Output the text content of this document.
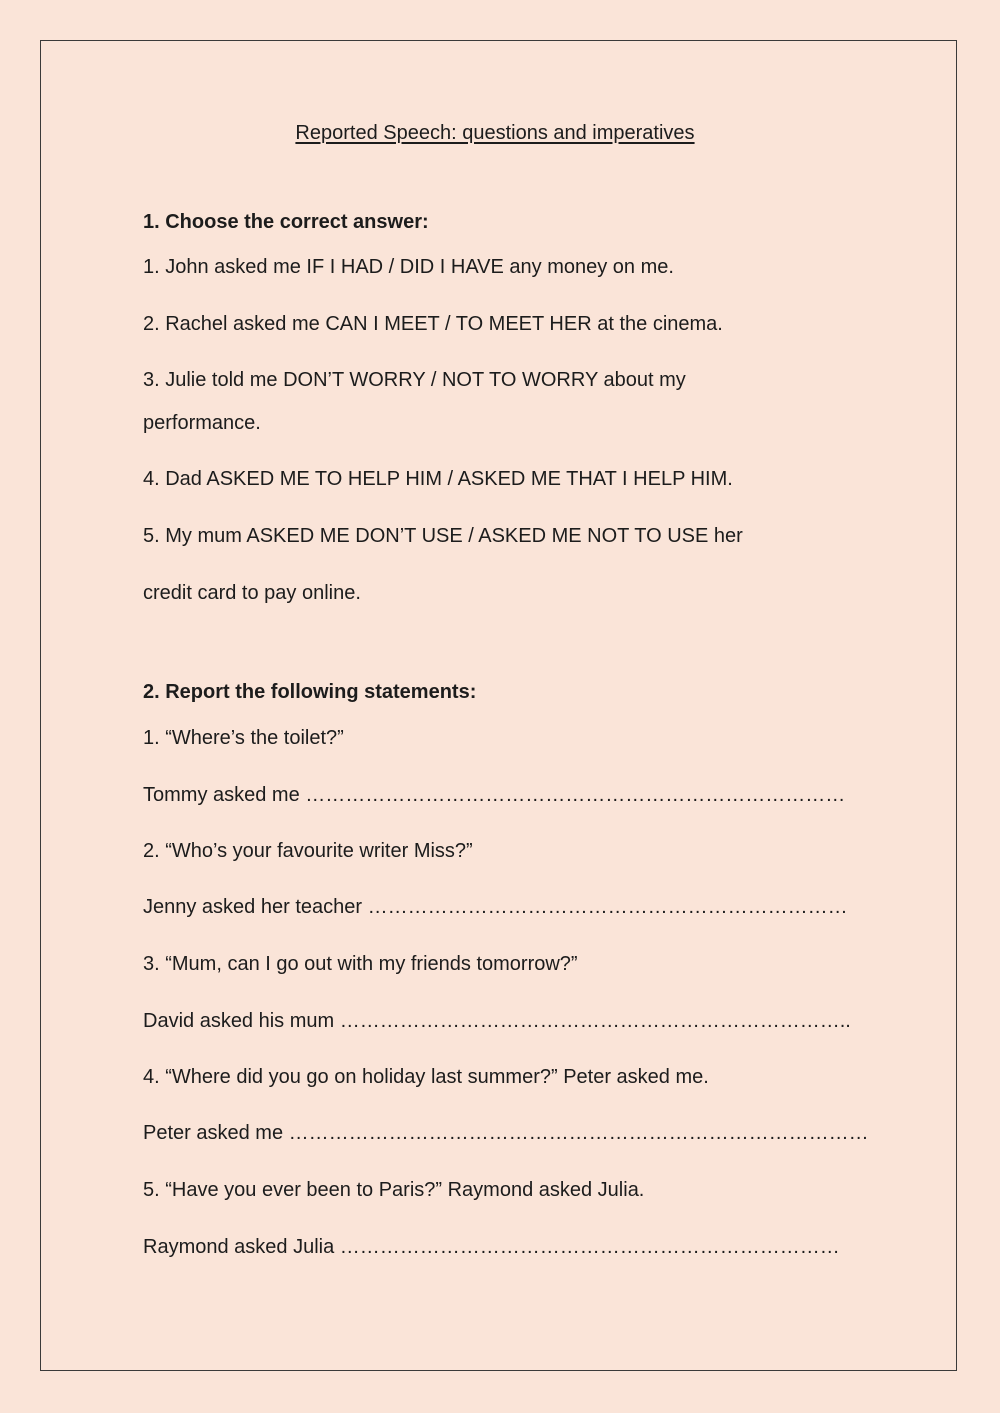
Reported Speech: questions and imperatives
1. Choose the correct answer:
1. John asked me IF I HAD / DID I HAVE any money on me.
2. Rachel asked me CAN I MEET / TO MEET HER at the cinema.
3. Julie told me DON’T WORRY / NOT TO WORRY about my
performance.
4. Dad ASKED ME TO HELP HIM / ASKED ME THAT I HELP HIM.
5. My mum ASKED ME DON’T USE / ASKED ME NOT TO USE her
credit card to pay online.
2. Report the following statements:
1. “Where’s the toilet?”
Tommy asked me ………………………………………………………………………
2. “Who’s your favourite writer Miss?”
Jenny asked her teacher ………………………………………………………………
3. “Mum, can I go out with my friends tomorrow?”
David asked his mum …………………………………………………………………..
4. “Where did you go on holiday last summer?” Peter asked me.
Peter asked me ……………………………………………………………………………
5. “Have you ever been to Paris?” Raymond asked Julia.
Raymond asked Julia …………………………………………………………………
